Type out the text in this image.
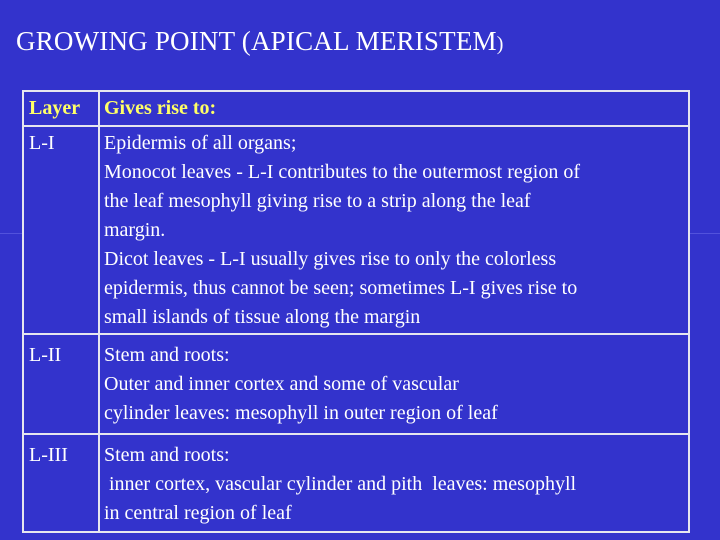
GROWING POINT (APICAL MERISTEM)
Layer Gives rise to:
L-I Epidermis of all organs;
Monocot leaves - L-I contributes to the outermost region of
the leaf mesophyll giving rise to a strip along the leaf
margin.
Dicot leaves - L-I usually gives rise to only the colorless
epidermis, thus cannot be seen; sometimes L-I gives rise to
small islands of tissue along the margin
L-II Stem and roots:
Outer and inner cortex and some of vascular
cylinder leaves: mesophyll in outer region of leaf
L-III Stem and roots:
inner cortex, vascular cylinder and pith  leaves: mesophyll
in central region of leaf
